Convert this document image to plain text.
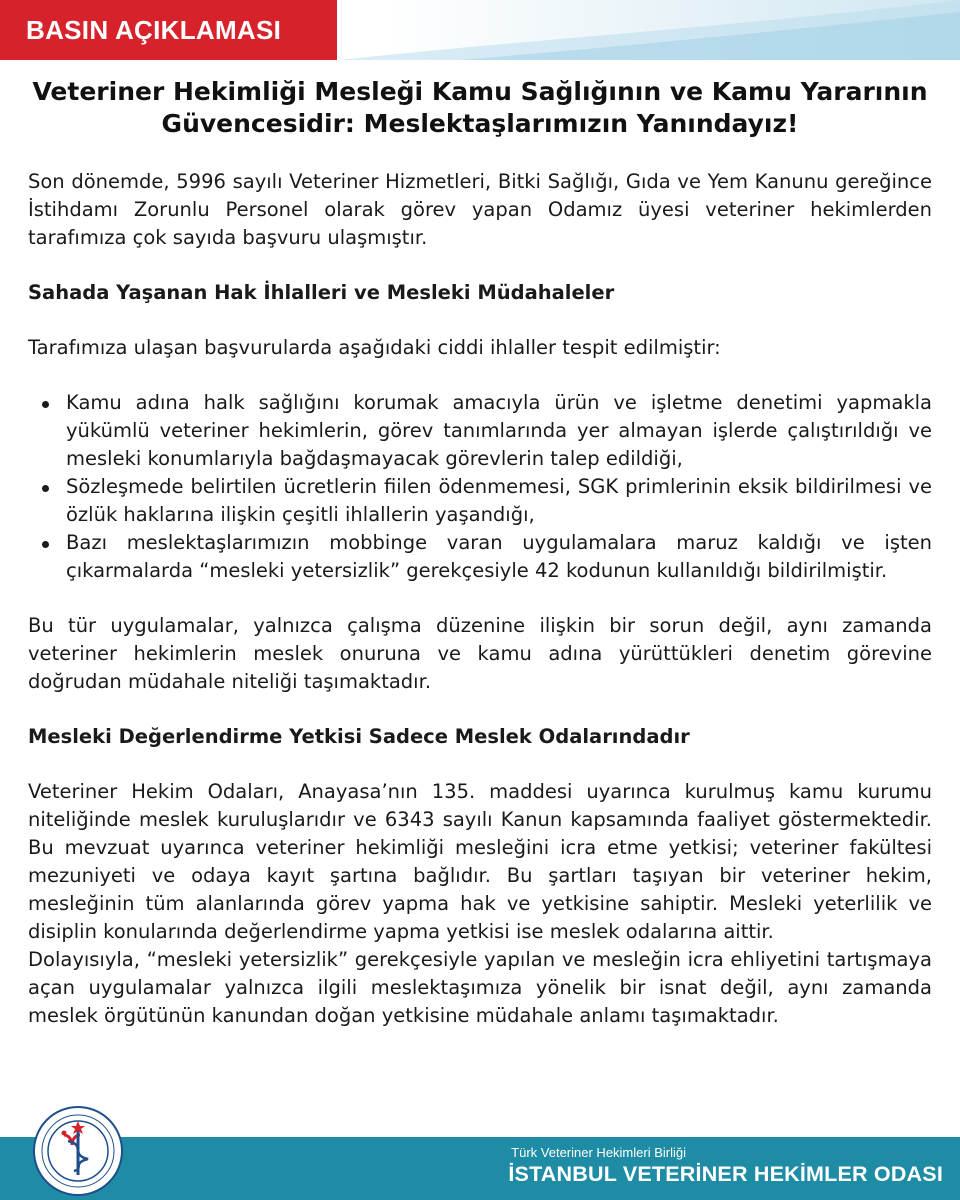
BASIN AÇIKLAMASI
Veteriner Hekimliği Mesleği Kamu Sağlığının ve Kamu Yararının
Güvencesidir: Meslektaşlarımızın Yanındayız!

Son dönemde, 5996 sayılı Veteriner Hizmetleri, Bitki Sağlığı, Gıda ve Yem Kanunu gereğince İstihdamı Zorunlu Personel olarak görev yapan Odamız üyesi veteriner hekimlerden tarafımıza çok sayıda başvuru ulaşmıştır.

Sahada Yaşanan Hak İhlalleri ve Mesleki Müdahaleler

Tarafımıza ulaşan başvurularda aşağıdaki ciddi ihlaller tespit edilmiştir:

Kamu adına halk sağlığını korumak amacıyla ürün ve işletme denetimi yapmakla yükümlü veteriner hekimlerin, görev tanımlarında yer almayan işlerde çalıştırıldığı ve mesleki konumlarıyla bağdaşmayacak görevlerin talep edildiği,
Sözleşmede belirtilen ücretlerin fiilen ödenmemesi, SGK primlerinin eksik bildirilmesi ve özlük haklarına ilişkin çeşitli ihlallerin yaşandığı,
Bazı meslektaşlarımızın mobbinge varan uygulamalara maruz kaldığı ve işten çıkarmalarda “mesleki yetersizlik” gerekçesiyle 42 kodunun kullanıldığı bildirilmiştir.

Bu tür uygulamalar, yalnızca çalışma düzenine ilişkin bir sorun değil, aynı zamanda veteriner hekimlerin meslek onuruna ve kamu adına yürüttükleri denetim görevine doğrudan müdahale niteliği taşımaktadır.

Mesleki Değerlendirme Yetkisi Sadece Meslek Odalarındadır

Veteriner Hekim Odaları, Anayasa’nın 135. maddesi uyarınca kurulmuş kamu kurumu niteliğinde meslek kuruluşlarıdır ve 6343 sayılı Kanun kapsamında faaliyet göstermektedir. Bu mevzuat uyarınca veteriner hekimliği mesleğini icra etme yetkisi; veteriner fakültesi mezuniyeti ve odaya kayıt şartına bağlıdır. Bu şartları taşıyan bir veteriner hekim, mesleğinin tüm alanlarında görev yapma hak ve yetkisine sahiptir. Mesleki yeterlilik ve disiplin konularında değerlendirme yapma yetkisi ise meslek odalarına aittir.

Dolayısıyla, “mesleki yetersizlik” gerekçesiyle yapılan ve mesleğin icra ehliyetini tartışmaya açan uygulamalar yalnızca ilgili meslektaşımıza yönelik bir isnat değil, aynı zamanda meslek örgütünün kanundan doğan yetkisine müdahale anlamı taşımaktadır.

Türk Veteriner Hekimleri Birliği
İSTANBUL VETERİNER HEKİMLER ODASI
